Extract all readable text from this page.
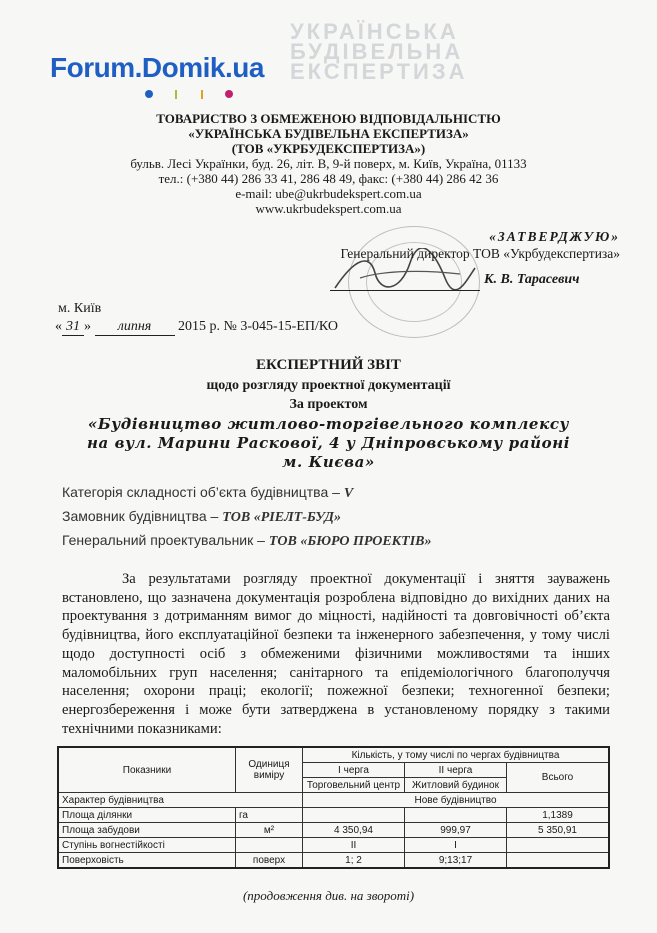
УКРАЇНСЬКА
БУДІВЕЛЬНА
ЕКСПЕРТИЗА
Forum.Domik.ua
ТОВАРИСТВО З ОБМЕЖЕНОЮ ВІДПОВІДАЛЬНІСТЮ
«УКРАЇНСЬКА БУДІВЕЛЬНА ЕКСПЕРТИЗА»
(ТОВ «УКРБУДЕКСПЕРТИЗА»)
бульв. Лесі Українки, буд. 26, літ. В, 9-й поверх, м. Київ, Україна, 01133
тел.: (+380 44) 286 33 41, 286 48 49, факс: (+380 44) 286 42 36
e-mail: ube@ukrbudekspert.com.ua
www.ukrbudekspert.com.ua
«ЗАТВЕРДЖУЮ»
Генеральний директор ТОВ «Укрбудекспертиза»
К. В. Тарасевич
м. Київ
« 31 » липня 2015 р. № 3-045-15-ЕП/КО
ЕКСПЕРТНИЙ ЗВІТ
щодо розгляду проектної документації
За проектом
«Будівництво житлово-торгівельного комплексу
на вул. Марини Раскової, 4 у Дніпровському районі
м. Києва»
Категорія складності об’єкта будівництва – V
Замовник будівництва – ТОВ «РІЕЛТ-БУД»
Генеральний проектувальник – ТОВ «БЮРО ПРОЕКТІВ»
За результатами розгляду проектної документації і зняття зауважень встановлено, що зазначена документація розроблена відповідно до вихідних даних на проектування з дотриманням вимог до міцності, надійності та довговічності об’єкта будівництва, його експлуатаційної безпеки та інженерного забезпечення, у тому числі щодо доступності осіб з обмеженими фізичними можливостями та інших маломобільних груп населення; санітарного та епідеміологічного благополуччя населення; охорони праці; екології; пожежної безпеки; техногенної безпеки; енергозбереження і може бути затверджена в установленому порядку з такими технічними показниками:
Показники	Одиниця виміру	Кількість, у тому числі по чергах будівництва		
		І черга	ІІ черга	Всього
		Торговельний центр	Житловий будинок	
Характер будівництва		Нове будівництво		
Площа ділянки	га			1,1389
Площа забудови	м²	4 350,94	999,97	5 350,91
Ступінь вогнестійкості		ІІ	І	
Поверховість	поверх	1; 2	9;13;17	
(продовження див. на звороті)
